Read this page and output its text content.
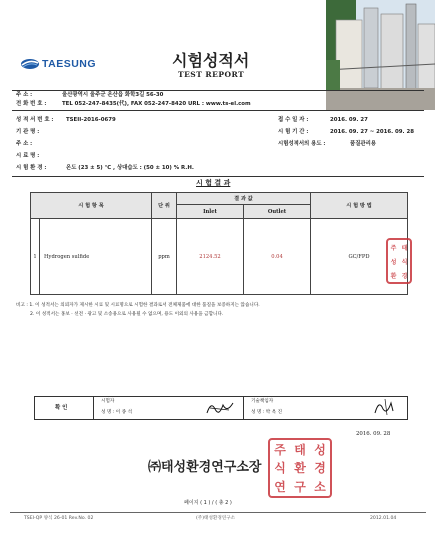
TAESUNG	시험성적서
TEST REPORT
주 소 :	울산광역시 울주군 온산읍 화학3길 56-30
전 화 번 호 :	TEL 052-247-8435(代), FAX 052-247-8420 URL : www.ts-el.com
성 적 서 번 호 : TSEII-2016-0679
기 관 명 :
주 소 :
시 료 명 :
시 험 환 경 :	온도 (23 ± 5) ℃ , 상대습도 : (50 ± 10) % R.H.
접 수 일 자 :	2016. 09. 27
시 험 기 간 :	2016. 09. 27 ~ 2016. 09. 28
시험성적서의 용도 :	품질관리용
시 험 결 과
시 험 항 목		단 위	결 과 값		시 험 방 법
			Inlet	Outlet	
1	Hydrogen sulfide	ppm	2124.52	0.04	GC/FPD
주 태
성 식
환 경
비고 : 1. 이 성적서는 의뢰자가 제시한 시료 및 시료명으로 시험한 결과로서 전체제품에 대한 품질을 보증하지는 않습니다.
2. 이 성적서는 홍보 · 선전 · 광고 및 소송용으로 사용될 수 없으며, 용도 이외의 사용을 금합니다.
확 인
시험자
성 명 : 이 종 석
기술책임자
성 명 : 박 옥 진
2016. 09. 28
㈜태성환경연구소장
주 태 성
식 환 경
연 구 소
페이지 ( 1 ) / ( 총 2 )
TSEI-QP 양식 26-01 Rev.No. 02	(주)태성환경연구소	2012.01.04
